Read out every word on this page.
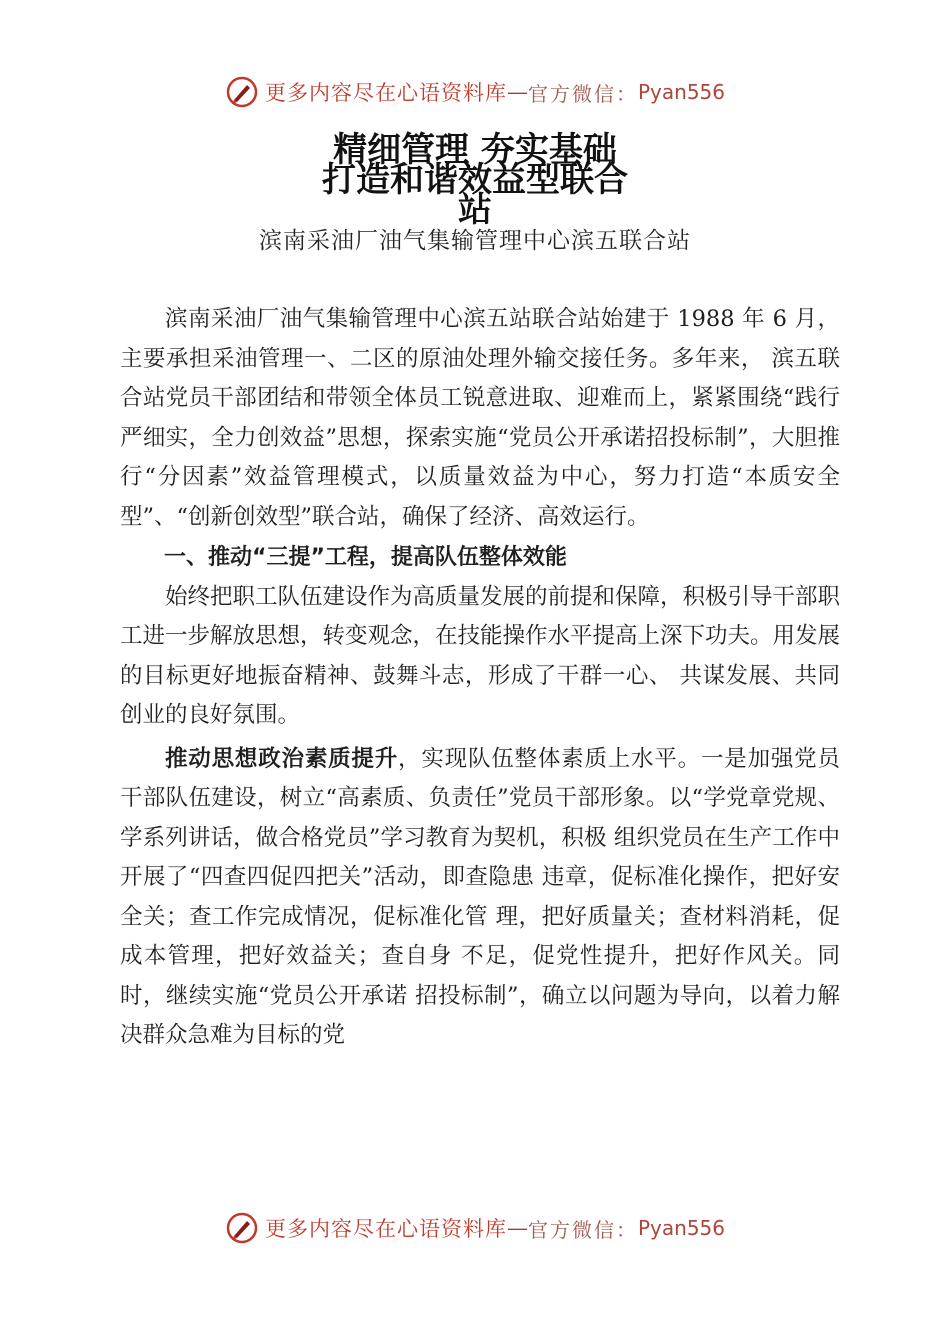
更多内容尽在心语资料库 — 官方微信： Pyan556
精细管理 夯实基础
打造和谐效益型联合
站
滨南采油厂油气集输管理中心滨五联合站

滨南采油厂油气集输管理中心滨五站联合站始建于 1988 年 6 月，主要承担采油管理一、二区的原油处理外输交接任务。多年来， 滨五联合站党员干部团结和带领全体员工锐意进取、迎难而上，紧紧围绕“践行严细实，全力创效益”思想，探索实施“党员公开承诺招投标制”，大胆推行“分因素”效益管理模式，以质量效益为中心，努力打造“本质安全型”、“创新创效型”联合站，确保了经济、高效运行。

一、推动“三提”工程，提高队伍整体效能

始终把职工队伍建设作为高质量发展的前提和保障，积极引导干部职工进一步解放思想，转变观念，在技能操作水平提高上深下功夫。用发展的目标更好地振奋精神、鼓舞斗志，形成了干群一心、 共谋发展、共同创业的良好氛围。

推动思想政治素质提升，实现队伍整体素质上水平。一是加强党员干部队伍建设，树立“高素质、负责任”党员干部形象。以“学党章党规、学系列讲话，做合格党员”学习教育为契机，积极 组织党员在生产工作中开展了“四查四促四把关”活动，即查隐患 违章，促标准化操作，把好安全关；查工作完成情况，促标准化管 理，把好质量关；查材料消耗，促成本管理，把好效益关；查自身 不足，促党性提升，把好作风关。同时，继续实施“党员公开承诺 招投标制”，确立以问题为导向，以着力解决群众急难为目标的党

更多内容尽在心语资料库 — 官方微信： Pyan556
